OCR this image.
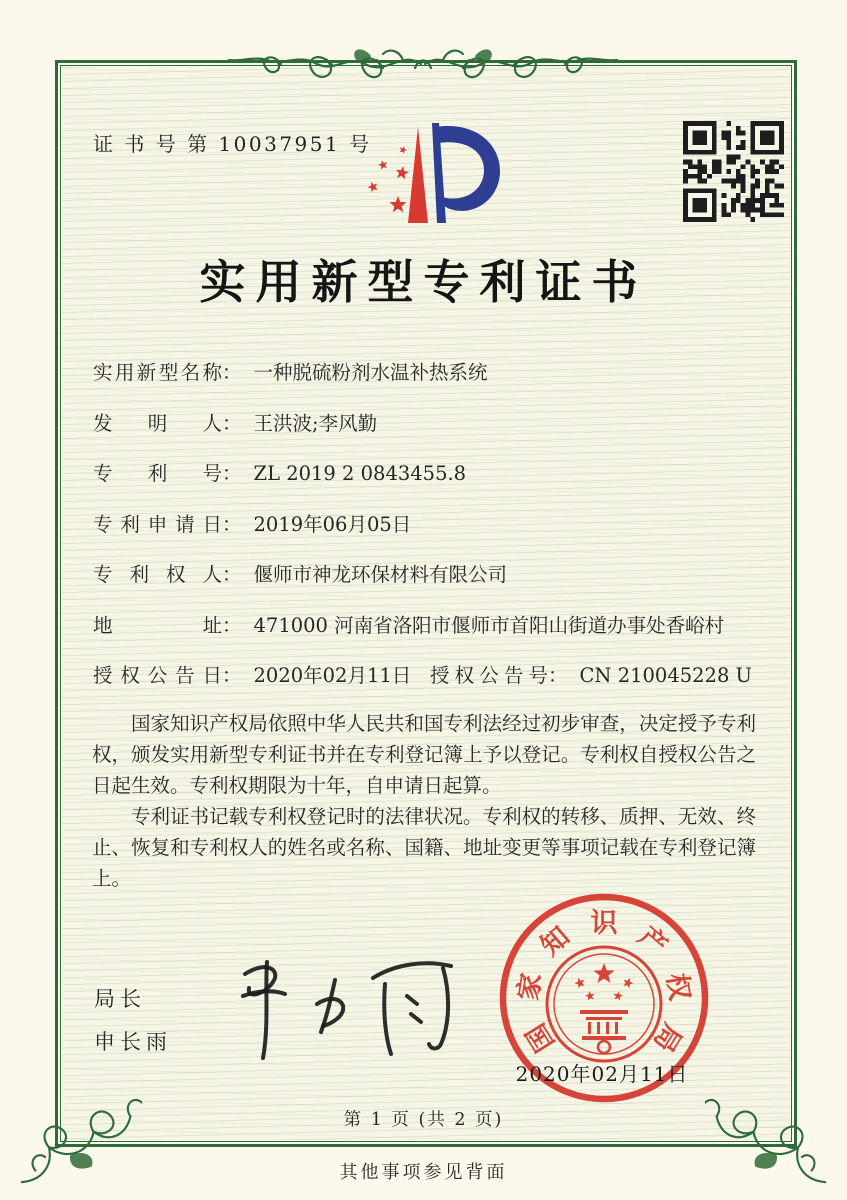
证 书 号 第 10037951 号
实用新型专利证书
实用新型名称： 一种脱硫粉剂水温补热系统
发明人： 王洪波;李风勤
专利号： ZL 2019 2 0843455.8
专利申请日： 2019年06月05日
专利权人： 偃师市神龙环保材料有限公司
地址： 471000 河南省洛阳市偃师市首阳山街道办事处香峪村
授权公告日： 2020年02月11日 授权公告号： CN 210045228 U

国家知识产权局依照中华人民共和国专利法经过初步审查，决定授予专利权，颁发实用新型专利证书并在专利登记簿上予以登记。专利权自授权公告之日起生效。专利权期限为十年，自申请日起算。

专利证书记载专利权登记时的法律状况。专利权的转移、质押、无效、终止、恢复和专利权人的姓名或名称、国籍、地址变更等事项记载在专利登记簿上。

局长
申长雨	国
家
知 识 产
权
局
2020年02月11日
第 1 页 (共 2 页)
其他事项参见背面
